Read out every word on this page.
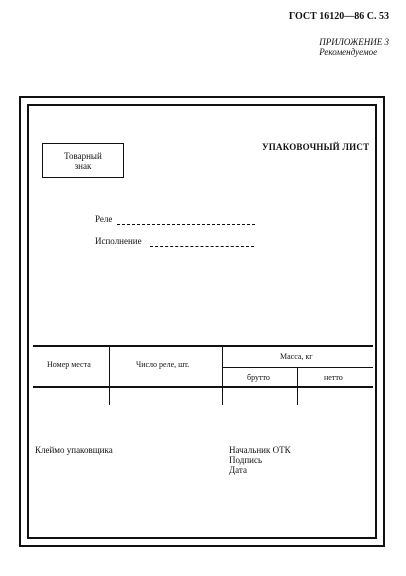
ГОСТ 16120—86 С. 53
ПРИЛОЖЕНИЕ 3
Рекомендуемое
Товарный
знак
УПАКОВОЧНЫЙ ЛИСТ
Реле
Исполнение
Номер места	Число реле, шт.
Масса, кг
брутто	нетто
Клеймо упаковщика	Начальник ОТК
Подпись
Дата
